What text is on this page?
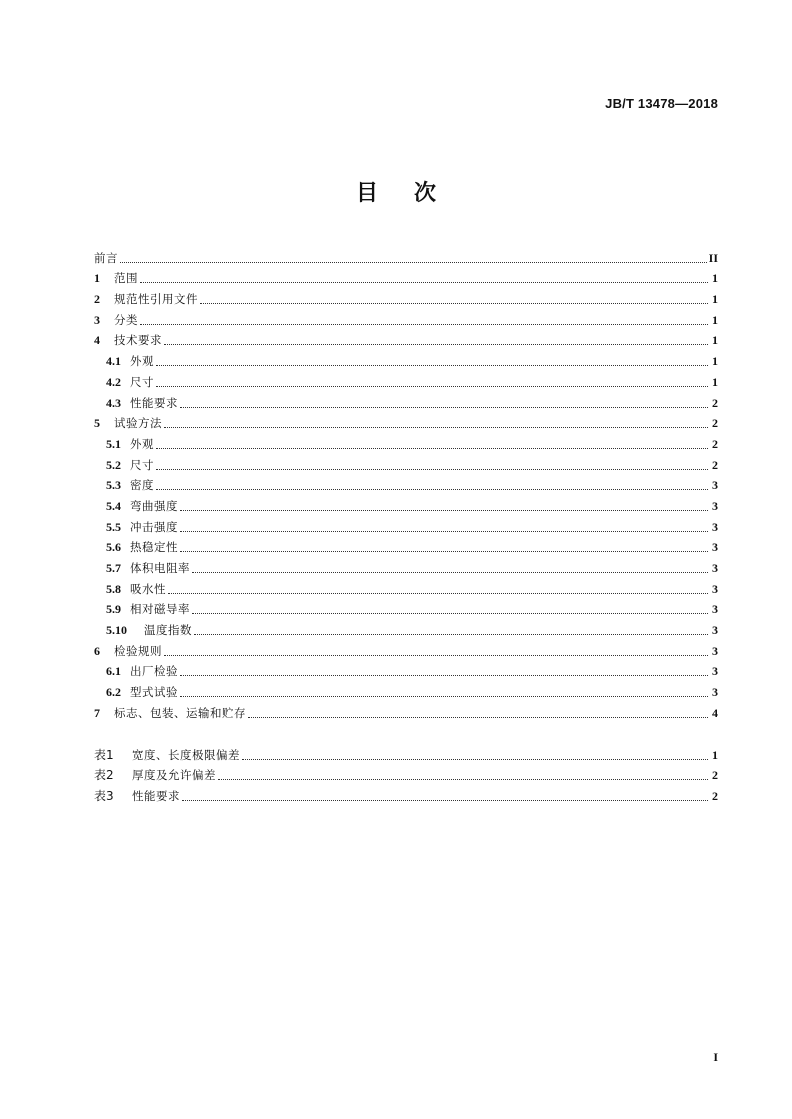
JB/T 13478—2018
目次
前言	II
1	范围	1
2	规范性引用文件	1
3	分类	1
4	技术要求	1
4.1 外观	1
4.2 尺寸	1
4.3 性能要求	2
5	试验方法	2
5.1 外观	2
5.2 尺寸	2
5.3 密度	3
5.4 弯曲强度	3
5.5 冲击强度	3
5.6 热稳定性	3
5.7 体积电阻率	3
5.8 吸水性	3
5.9 相对磁导率	3
5.10	温度指数	3
6	检验规则	3
6.1 出厂检验	3
6.2 型式试验	3
7	标志、包装、运输和贮存	4
表1	宽度、长度极限偏差	1
表2	厚度及允许偏差	2
表3	性能要求	2
I
